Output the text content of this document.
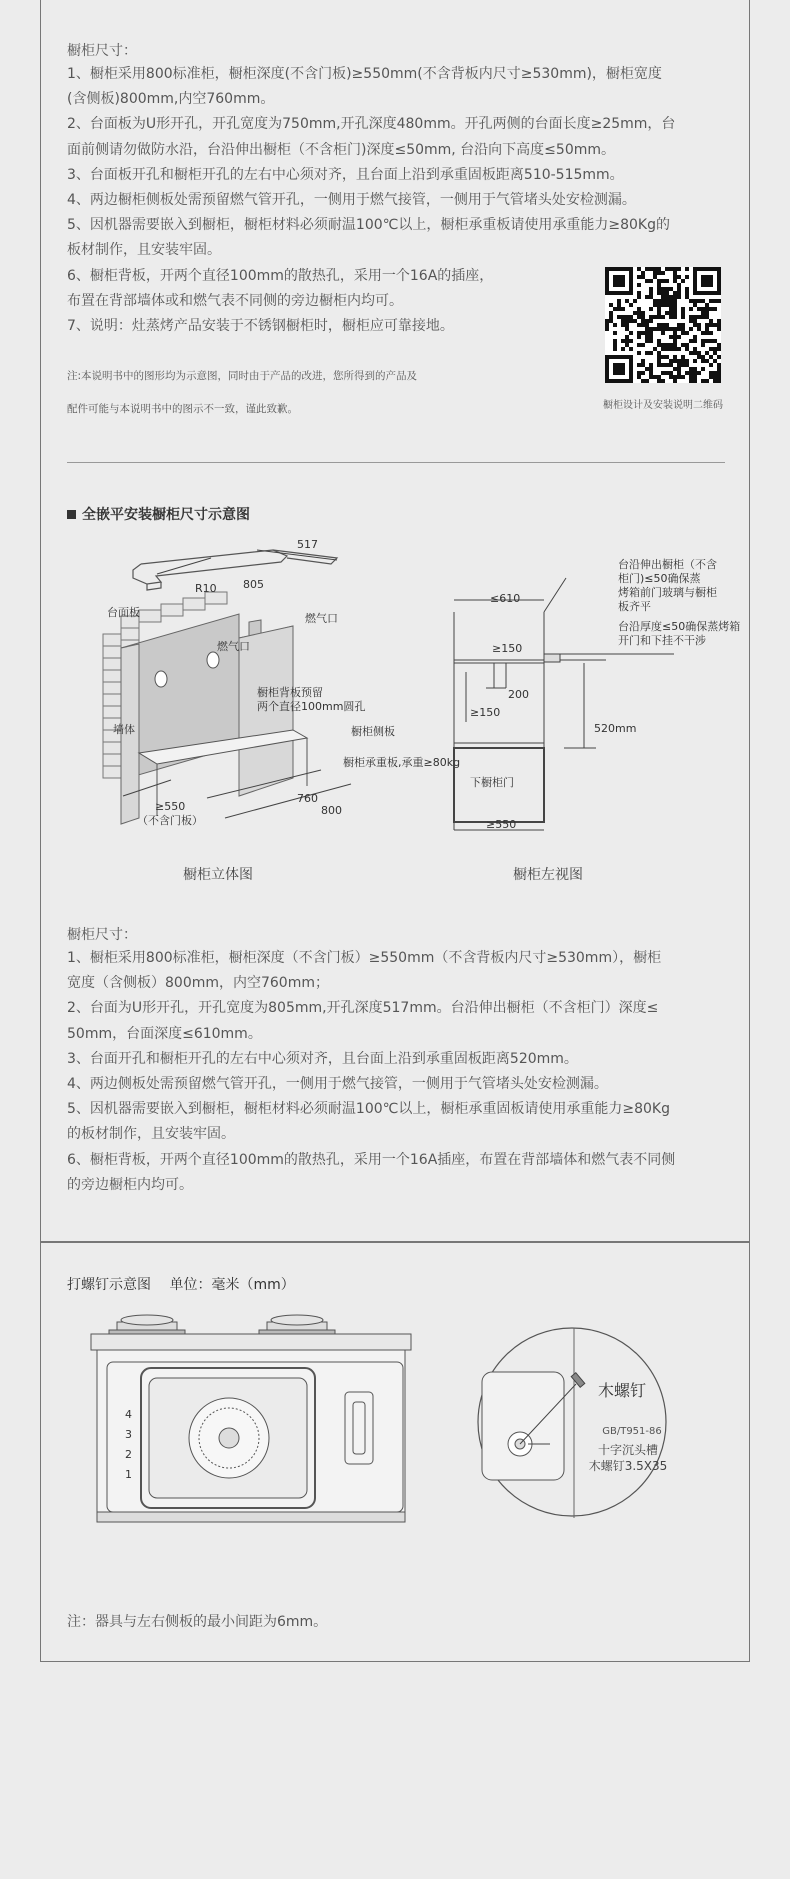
橱柜尺寸：
1、橱柜采用800标准柜，橱柜深度(不含门板)≥550mm(不含背板内尺寸≥530mm)，橱柜宽度
(含侧板)800mm,内空760mm。
2、台面板为U形开孔，开孔宽度为750mm,开孔深度480mm。开孔两侧的台面长度≥25mm，台
面前侧请勿做防水沿，台沿伸出橱柜（不含柜门)深度≤50mm, 台沿向下高度≤50mm。
3、台面板开孔和橱柜开孔的左右中心须对齐，且台面上沿到承重固板距离510-515mm。
4、两边橱柜侧板处需预留燃气管开孔，一侧用于燃气接管，一侧用于气管堵头处安检测漏。
5、因机器需要嵌入到橱柜，橱柜材料必须耐温100℃以上，橱柜承重板请使用承重能力≥80Kg的
板材制作，且安装牢固。
6、橱柜背板，开两个直径100mm的散热孔，采用一个16A的插座，
布置在背部墙体或和燃气表不同侧的旁边橱柜内均可。
7、说明：灶蒸烤产品安装于不锈钢橱柜时，橱柜应可靠接地。
注:本说明书中的图形均为示意图，同时由于产品的改进，您所得到的产品及
配件可能与本说明书中的图示不一致，谨此致歉。	橱柜设计及安装说明二维码
全嵌平安装橱柜尺寸示意图
517
R10 805
台面板	燃气口
燃气口
橱柜背板预留
两个直径100mm圆孔
墙体	橱柜侧板
橱柜承重板,承重≥80kg
≥550
（不含门板）
760
800
橱柜立体图
台沿伸出橱柜（不含
柜门)≤50确保蒸
烤箱前门玻璃与橱柜
板齐平
≤610
台沿厚度≤50确保蒸烤箱
开门和下挂不干涉
≥150
≥150
200
520mm
下橱柜门
≥550
橱柜左视图
橱柜尺寸：
1、橱柜采用800标准柜，橱柜深度（不含门板）≥550mm（不含背板内尺寸≥530mm），橱柜
宽度（含侧板）800mm，内空760mm；
2、台面为U形开孔，开孔宽度为805mm,开孔深度517mm。台沿伸出橱柜（不含柜门）深度≤
50mm，台面深度≤610mm。
3、台面开孔和橱柜开孔的左右中心须对齐，且台面上沿到承重固板距离520mm。
4、两边侧板处需预留燃气管开孔，一侧用于燃气接管，一侧用于气管堵头处安检测漏。
5、因机器需要嵌入到橱柜，橱柜材料必须耐温100℃以上，橱柜承重固板请使用承重能力≥80Kg
的板材制作，且安装牢固。
6、橱柜背板，开两个直径100mm的散热孔，采用一个16A插座，布置在背部墙体和燃气表不同侧
的旁边橱柜内均可。
打螺钉示意图 单位：毫米（mm）
4
3
2
1
木螺钉
GB/T951-86
十字沉头槽
木螺钉3.5X35
注：器具与左右侧板的最小间距为6mm。
